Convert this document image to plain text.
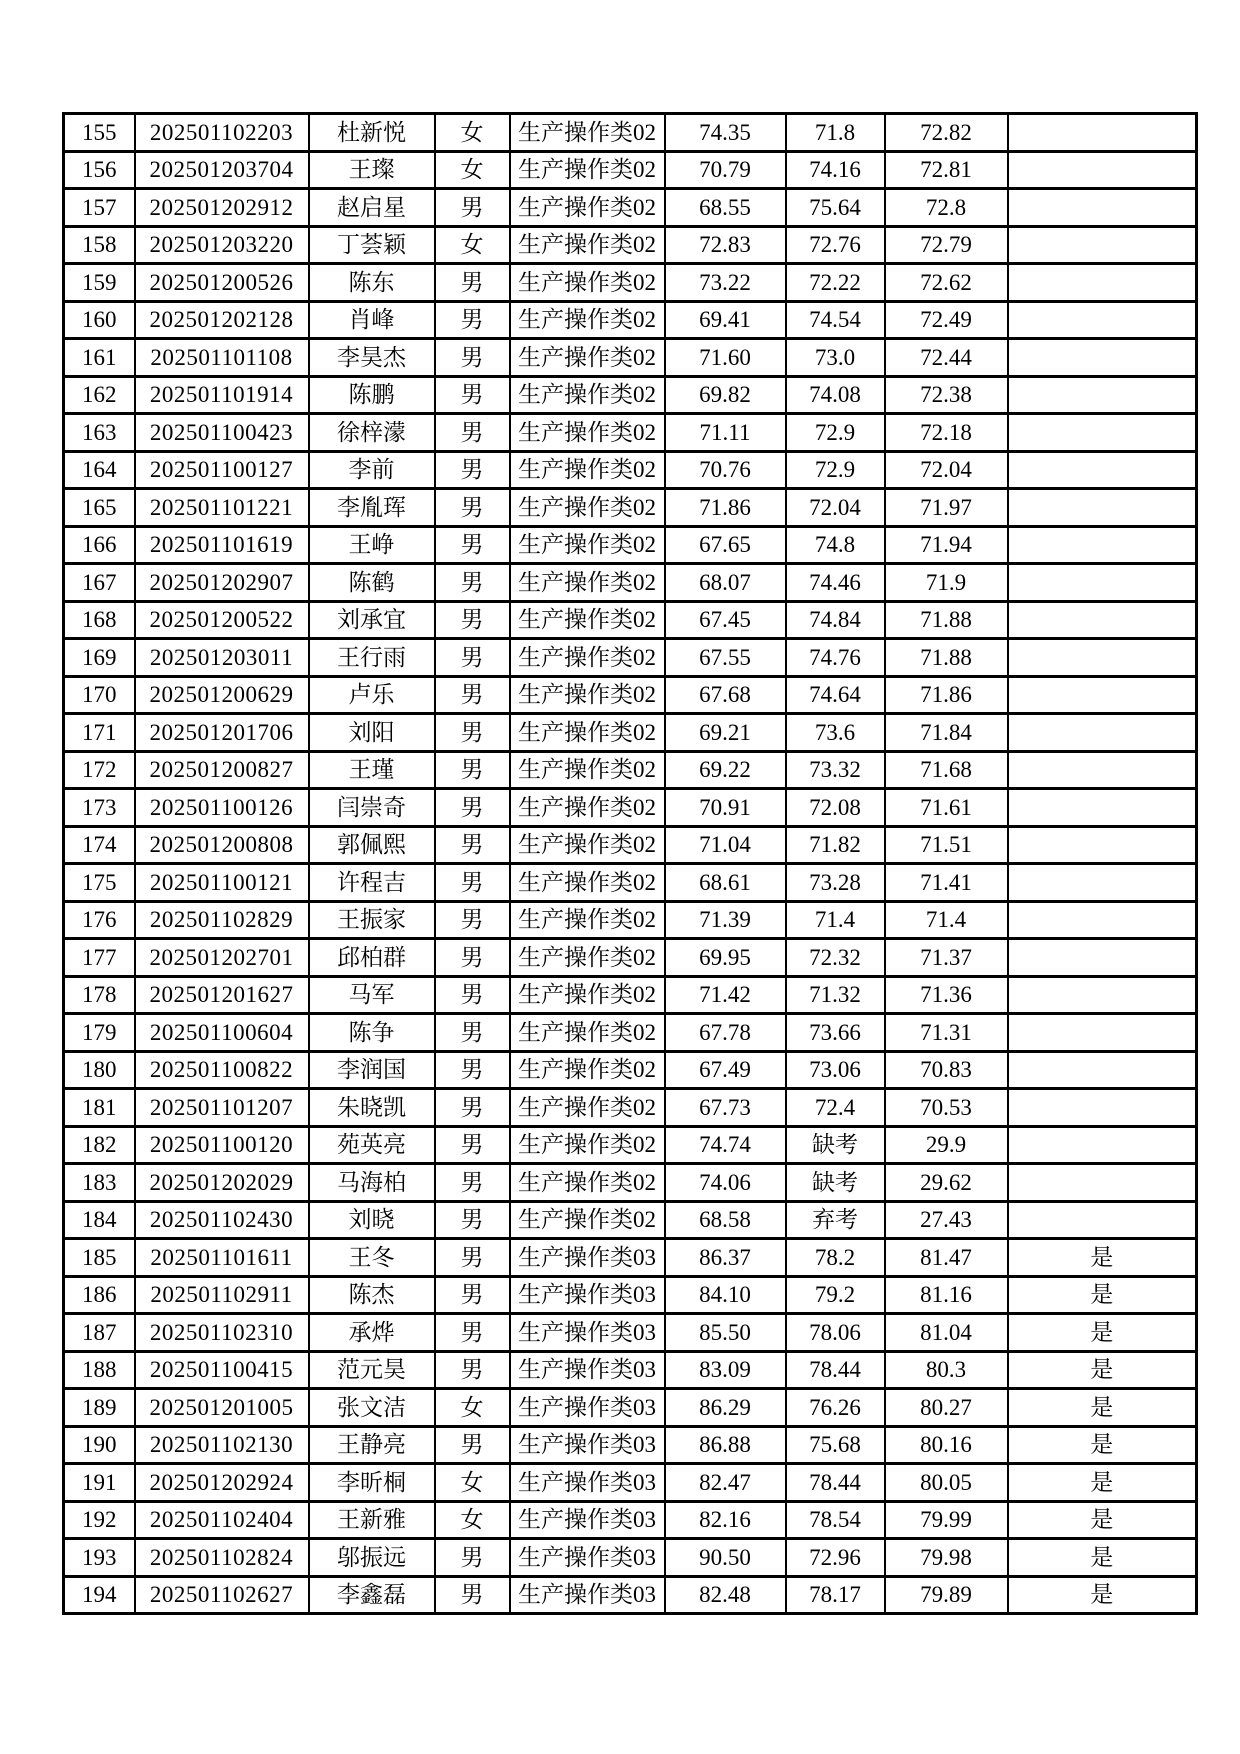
155	202501102203	杜新悦	女	生产操作类02	74.35	71.8	72.82	
156	202501203704	王璨	女	生产操作类02	70.79	74.16	72.81	
157	202501202912	赵启星	男	生产操作类02	68.55	75.64	72.8	
158	202501203220	丁荟颖	女	生产操作类02	72.83	72.76	72.79	
159	202501200526	陈东	男	生产操作类02	73.22	72.22	72.62	
160	202501202128	肖峰	男	生产操作类02	69.41	74.54	72.49	
161	202501101108	李昊杰	男	生产操作类02	71.60	73.0	72.44	
162	202501101914	陈鹏	男	生产操作类02	69.82	74.08	72.38	
163	202501100423	徐梓濛	男	生产操作类02	71.11	72.9	72.18	
164	202501100127	李前	男	生产操作类02	70.76	72.9	72.04	
165	202501101221	李胤珲	男	生产操作类02	71.86	72.04	71.97	
166	202501101619	王峥	男	生产操作类02	67.65	74.8	71.94	
167	202501202907	陈鹤	男	生产操作类02	68.07	74.46	71.9	
168	202501200522	刘承宜	男	生产操作类02	67.45	74.84	71.88	
169	202501203011	王行雨	男	生产操作类02	67.55	74.76	71.88	
170	202501200629	卢乐	男	生产操作类02	67.68	74.64	71.86	
171	202501201706	刘阳	男	生产操作类02	69.21	73.6	71.84	
172	202501200827	王瑾	男	生产操作类02	69.22	73.32	71.68	
173	202501100126	闫崇奇	男	生产操作类02	70.91	72.08	71.61	
174	202501200808	郭佩熙	男	生产操作类02	71.04	71.82	71.51	
175	202501100121	许程吉	男	生产操作类02	68.61	73.28	71.41	
176	202501102829	王振家	男	生产操作类02	71.39	71.4	71.4	
177	202501202701	邱柏群	男	生产操作类02	69.95	72.32	71.37	
178	202501201627	马军	男	生产操作类02	71.42	71.32	71.36	
179	202501100604	陈争	男	生产操作类02	67.78	73.66	71.31	
180	202501100822	李润国	男	生产操作类02	67.49	73.06	70.83	
181	202501101207	朱晓凯	男	生产操作类02	67.73	72.4	70.53	
182	202501100120	苑英亮	男	生产操作类02	74.74	缺考	29.9	
183	202501202029	马海柏	男	生产操作类02	74.06	缺考	29.62	
184	202501102430	刘晓	男	生产操作类02	68.58	弃考	27.43	
185	202501101611	王冬	男	生产操作类03	86.37	78.2	81.47	是
186	202501102911	陈杰	男	生产操作类03	84.10	79.2	81.16	是
187	202501102310	承烨	男	生产操作类03	85.50	78.06	81.04	是
188	202501100415	范元昊	男	生产操作类03	83.09	78.44	80.3	是
189	202501201005	张文洁	女	生产操作类03	86.29	76.26	80.27	是
190	202501102130	王静亮	男	生产操作类03	86.88	75.68	80.16	是
191	202501202924	李昕桐	女	生产操作类03	82.47	78.44	80.05	是
192	202501102404	王新雅	女	生产操作类03	82.16	78.54	79.99	是
193	202501102824	邬振远	男	生产操作类03	90.50	72.96	79.98	是
194	202501102627	李鑫磊	男	生产操作类03	82.48	78.17	79.89	是
